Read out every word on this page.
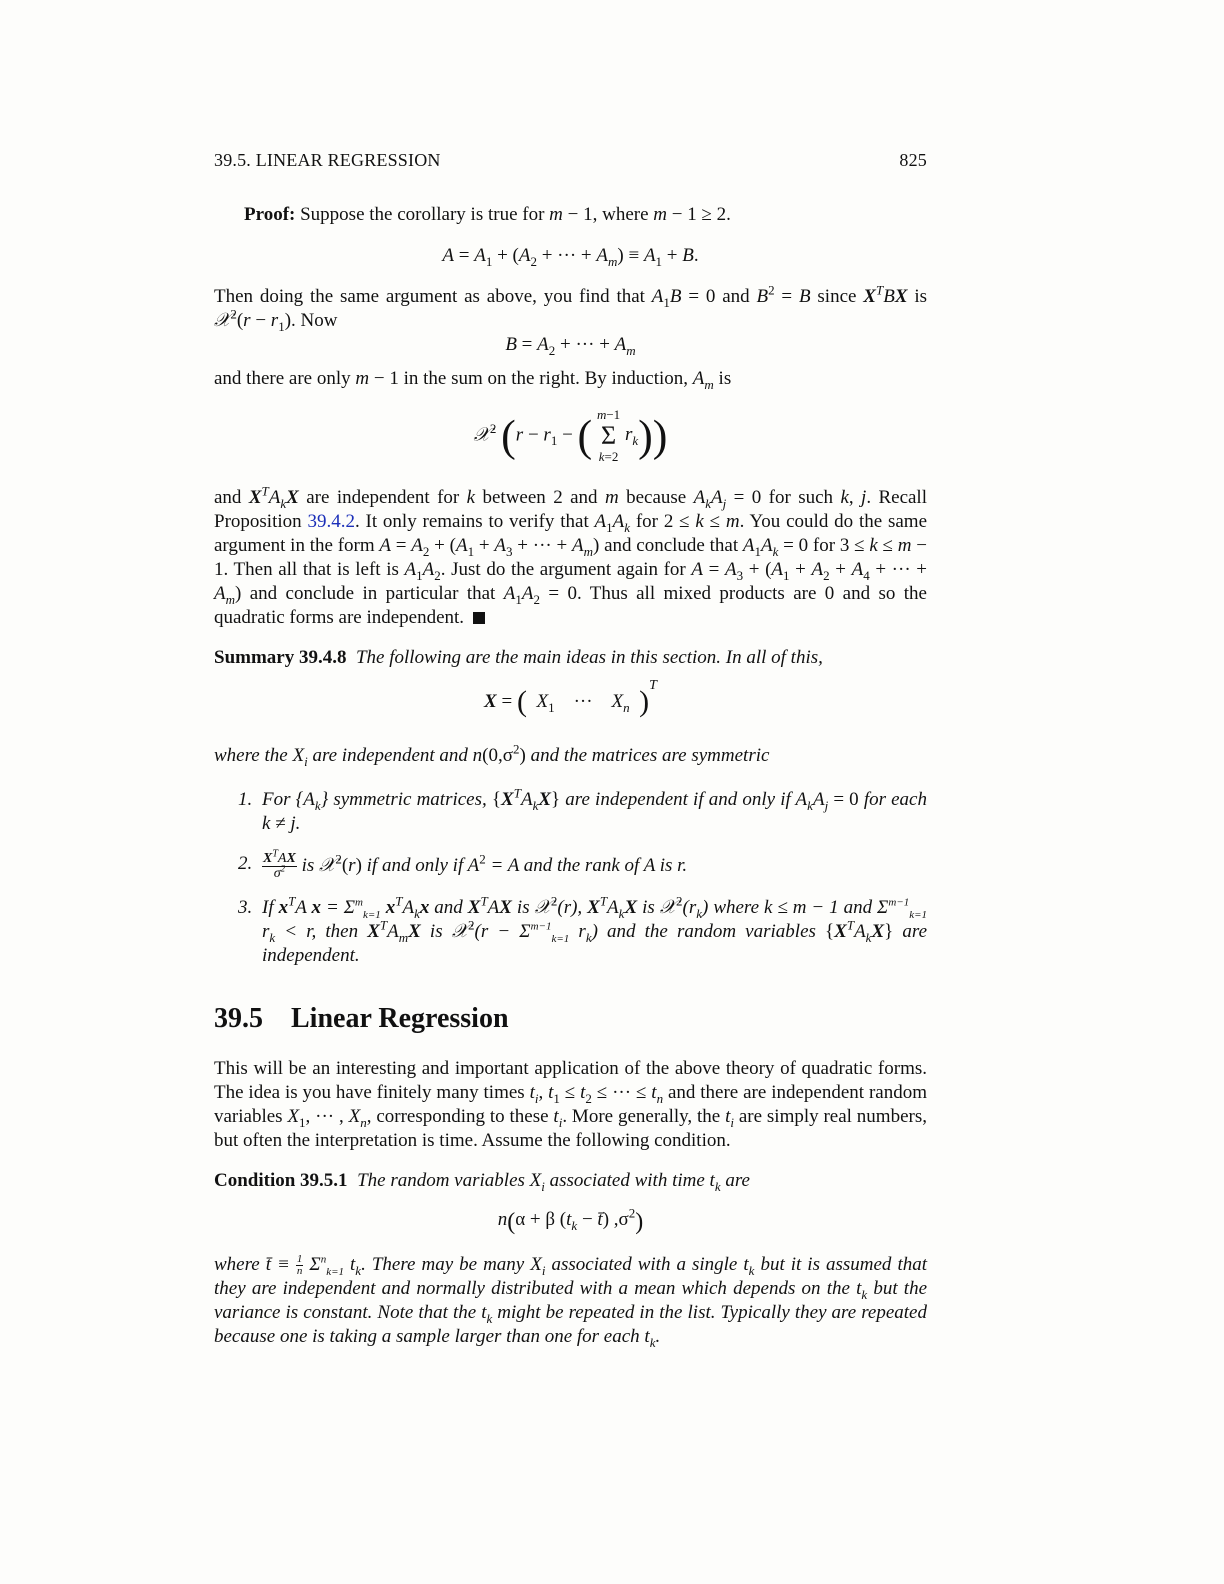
39.5. LINEAR REGRESSION	825

Proof: Suppose the corollary is true for m − 1, where m − 1 ≥ 2.

$A = A_1 + (A_2$ + ··· + $A_m) \equiv A_1 + B$.

Then doing the same argument as above, you find that $A_1B = 0$ and $B^2 = B$ since $X^TBX$ is 𝒳$^2$(r − $r_1$). Now

$B = A_2$ + ··· + $A_m$

and there are only m − 1 in the sum on the right. By induction, $A_m$ is

𝒳$^2$ ($r - r_1$ − ( m−1
Σ
k=2
$r_k$))

and $X^TA_kX$ are independent for k between 2 and m because $A_kA_j = 0$ for such k, j. Recall Proposition 39.4.2. It only remains to verify that $A_1A_k$ for 2 ≤ k ≤ m. You could do the same argument in the form $A = A_2 + (A_1 + A_3$ + ··· + $A_m$) and conclude that $A_1A_k = 0$ for 3 ≤ k ≤ m − 1. Then all that is left is $A_1A_2$. Just do the argument again for $A = A_3 + (A_1 + A_2 + A_4$ + ··· + $A_m$) and conclude in particular that $A_1A_2 = 0$. Thus all mixed products are 0 and so the quadratic forms are independent.

Summary 39.4.8  The following are the main ideas in this section. In all of this,

X = ( $X_1$    ···    $X_n$ )$^T$

where the $X_i$ are independent and $n(0,\sigma^2)$ and the matrices are symmetric

1. For $\{A_k\}$ symmetric matrices, $\{X^TA_kX\}$ are independent if and only if $A_kA_j = 0$ for each k ≠ j.
2. $\frac{X^TAX}{\sigma^2}$ is 𝒳$^2$(r) if and only if $A^2 = A$ and the rank of A is r.
3. If $x^TA$ $x = \Sigma^m_{k=1}$ $x^TA_kx$ and $X^TAX$ is 𝒳$^2$(r), $X^TA_kX$ is $𝒳^2(r_k)$ where k ≤ m − 1 and $\Sigma^{m-1}_{k=1}$ $r_k < r$, then $X^TA_mX$ is 𝒳$^2$(r − $\Sigma^{m-1}_{k=1}$ $r_k$) and the random variables $\{X^TA_kX\}$ are independent.
39.5 Linear Regression

This will be an interesting and important application of the above theory of quadratic forms. The idea is you have finitely many times $t_i$, $t_1 \le t_2$ ≤ ··· ≤ $t_n$ and there are independent random variables $X_1$, ··· , $X_n$, corresponding to these $t_i$. More generally, the $t_i$ are simply real numbers, but often the interpretation is time. Assume the following condition.

Condition 39.5.1  The random variables $X_i$ associated with time $t_k$ are

n(α + β ($t_k$ − t̄) $,\sigma^2$)

where t̄ ≡ $\frac{1}{n} \Sigma^n_{k=1}$ $t_k$. There may be many $X_i$ associated with a single $t_k$ but it is assumed that they are independent and normally distributed with a mean which depends on the $t_k$ but the variance is constant. Note that the $t_k$ might be repeated in the list. Typically they are repeated because one is taking a sample larger than one for each $t_k$.
